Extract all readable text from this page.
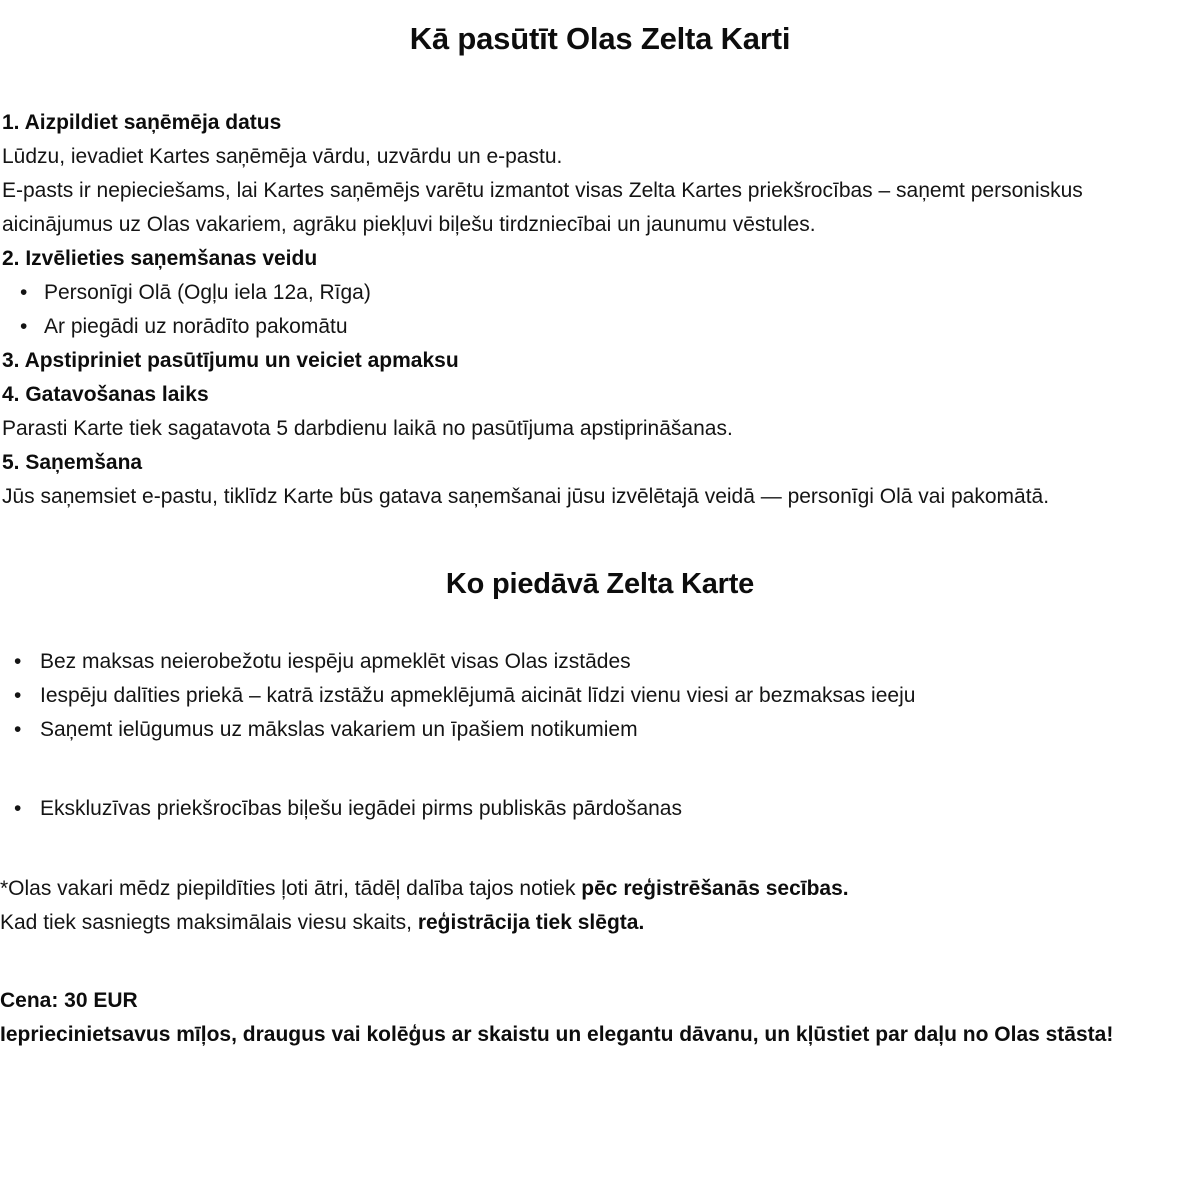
Kā pasūtīt Olas Zelta Karti
1. Aizpildiet saņēmēja datus
Lūdzu, ievadiet Kartes saņēmēja vārdu, uzvārdu un e-pastu.
E-pasts ir nepieciešams, lai Kartes saņēmējs varētu izmantot visas Zelta Kartes priekšrocības – saņemt personiskus aicinājumus uz Olas vakariem, agrāku piekļuvi biļešu tirdzniecībai un jaunumu vēstules.
2. Izvēlieties saņemšanas veidu
• Personīgi Olā (Ogļu iela 12a, Rīga)
• Ar piegādi uz norādīto pakomātu
3. Apstipriniet pasūtījumu un veiciet apmaksu
4. Gatavošanas laiks
Parasti Karte tiek sagatavota 5 darbdienu laikā no pasūtījuma apstiprināšanas.
5. Saņemšana
Jūs saņemsiet e-pastu, tiklīdz Karte būs gatava saņemšanai jūsu izvēlētajā veidā — personīgi Olā vai pakomātā.
Ko piedāvā Zelta Karte
• Bez maksas neierobežotu iespēju apmeklēt visas Olas izstādes
• Iespēju dalīties priekā – katrā izstāžu apmeklējumā aicināt līdzi vienu viesi ar bezmaksas ieeju
• Saņemt ielūgumus uz mākslas vakariem un īpašiem notikumiem
• Ekskluzīvas priekšrocības biļešu iegādei pirms publiskās pārdošanas
*Olas vakari mēdz piepildīties ļoti ātri, tādēļ dalība tajos notiek pēc reģistrēšanās secības.
Kad tiek sasniegts maksimālais viesu skaits, reģistrācija tiek slēgta.
Cena: 30 EUR
Iepriecinietsavus mīļos, draugus vai kolēģus ar skaistu un elegantu dāvanu, un kļūstiet par daļu no Olas stāsta!
